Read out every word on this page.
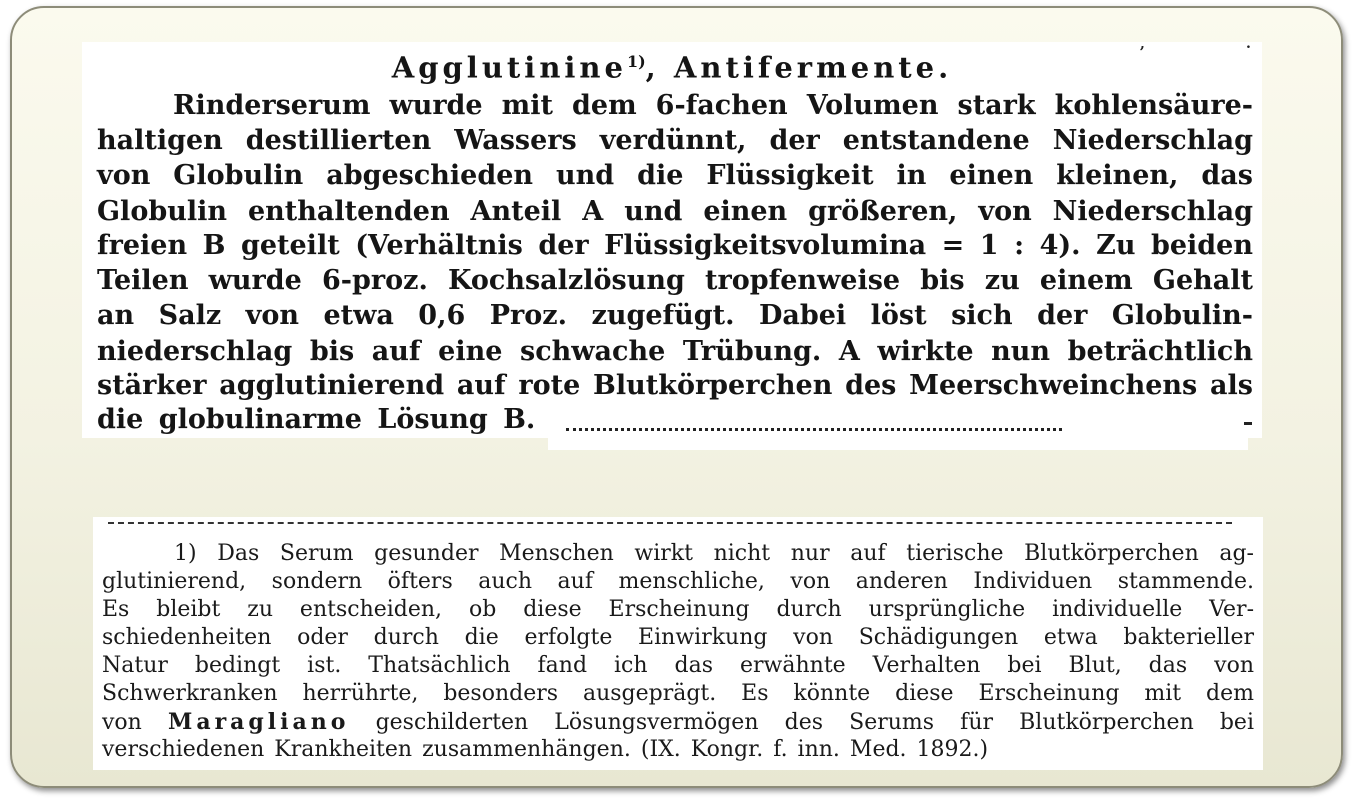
,	.
Agglutinine$^{1)}$, Antifermente.
Rinderserum wurde mit dem 6-fachen Volumen stark kohlensäure-
haltigen destillierten Wassers verdünnt, der entstandene Niederschlag
von Globulin abgeschieden und die Flüssigkeit in einen kleinen, das
Globulin enthaltenden Anteil A und einen größeren, von Niederschlag
freien B geteilt (Verhältnis der Flüssigkeitsvolumina = 1 : 4). Zu beiden
Teilen wurde 6-proz. Kochsalzlösung tropfenweise bis zu einem Gehalt
an Salz von etwa 0,6 Proz. zugefügt. Dabei löst sich der Globulin-
niederschlag bis auf eine schwache Trübung. A wirkte nun beträchtlich
stärker agglutinierend auf rote Blutkörperchen des Meerschweinchens als
die globulinarme Lösung B.
1) Das Serum gesunder Menschen wirkt nicht nur auf tierische Blutkörperchen ag-
glutinierend, sondern öfters auch auf menschliche, von anderen Individuen stammende.
Es bleibt zu entscheiden, ob diese Erscheinung durch ursprüngliche individuelle Ver-
schiedenheiten oder durch die erfolgte Einwirkung von Schädigungen etwa bakterieller
Natur bedingt ist. Thatsächlich fand ich das erwähnte Verhalten bei Blut, das von
Schwerkranken herrührte, besonders ausgeprägt. Es könnte diese Erscheinung mit dem
von Maragliano geschilderten Lösungsvermögen des Serums für Blutkörperchen bei
verschiedenen Krankheiten zusammenhängen. (IX. Kongr. f. inn. Med. 1892.)
